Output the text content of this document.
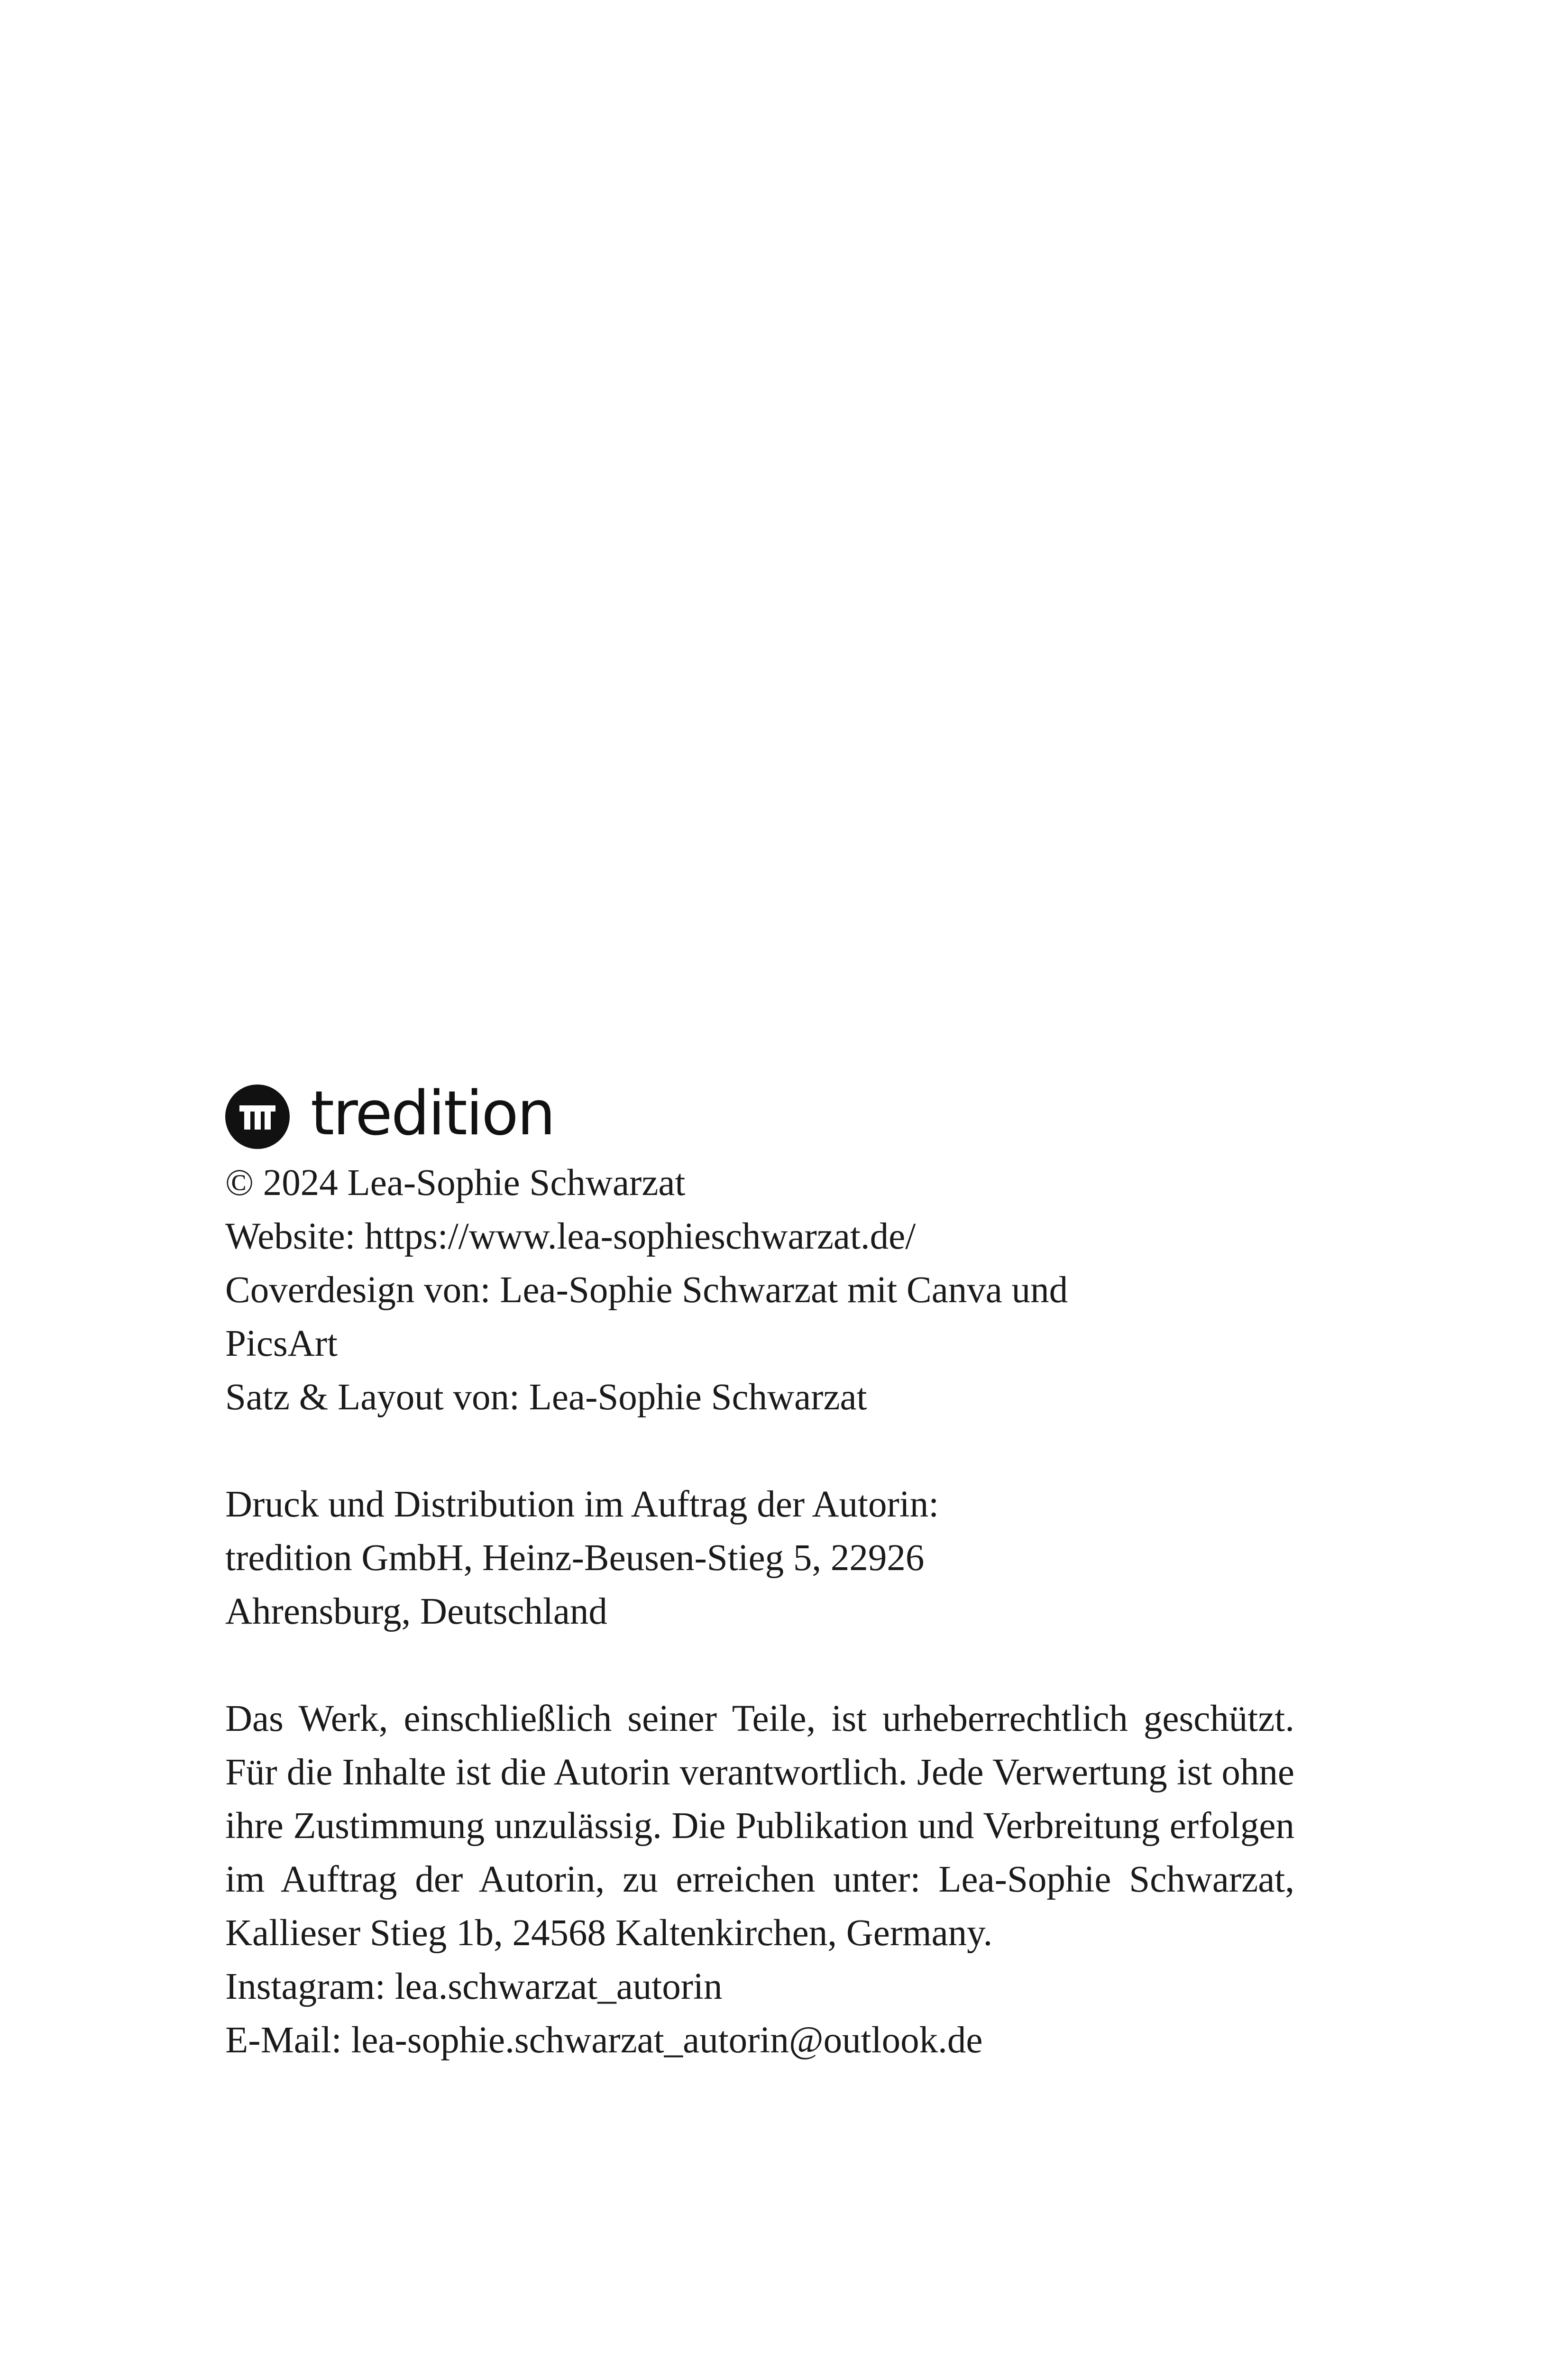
tredition
© 2024 Lea-Sophie Schwarzat
Website: https://www.lea-sophieschwarzat.de/
Coverdesign von: Lea-Sophie Schwarzat mit Canva und
PicsArt
Satz & Layout von: Lea-Sophie Schwarzat
Druck und Distribution im Auftrag der Autorin:
tredition GmbH, Heinz-Beusen-Stieg 5, 22926
Ahrensburg, Deutschland
Das Werk, einschließlich seiner Teile, ist urheberrechtlich geschützt. Für die Inhalte ist die Autorin verantwortlich. Jede Verwertung ist ohne ihre Zustimmung unzulässig. Die Publikation und Verbreitung erfolgen im Auftrag der Autorin, zu erreichen unter: Lea-Sophie Schwarzat, Kallieser Stieg 1b, 24568 Kaltenkirchen, Germany.
Instagram: lea.schwarzat_autorin
E-Mail: lea-sophie.schwarzat_autorin@outlook.de
